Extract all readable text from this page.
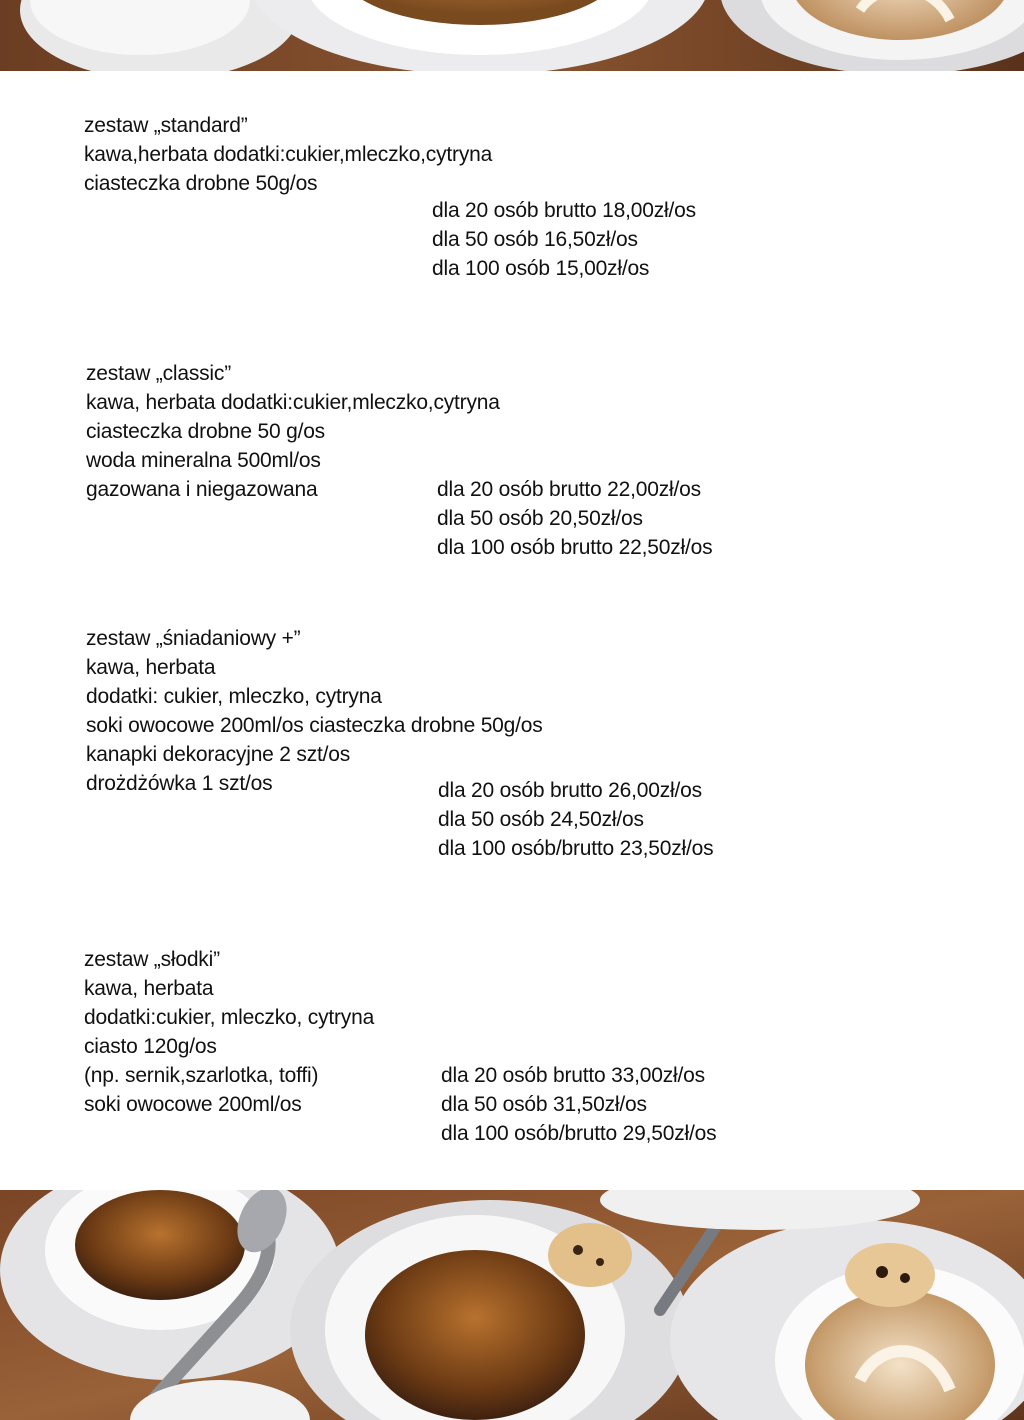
zestaw „standard”
kawa,herbata dodatki:cukier,mleczko,cytryna
ciasteczka drobne 50g/os
dla 20 osób brutto 18,00zł/os
dla 50 osób 16,50zł/os
dla 100 osób 15,00zł/os
zestaw „classic”
kawa, herbata dodatki:cukier,mleczko,cytryna
ciasteczka drobne 50 g/os
woda mineralna 500ml/os
gazowana i niegazowana	dla 20 osób brutto 22,00zł/os
dla 50 osób 20,50zł/os
dla 100 osób brutto 22,50zł/os
zestaw „śniadaniowy +”
kawa, herbata
dodatki: cukier, mleczko, cytryna
soki owocowe 200ml/os ciasteczka drobne 50g/os
kanapki dekoracyjne 2 szt/os
drożdżówka 1 szt/os	dla 20 osób brutto 26,00zł/os
dla 50 osób 24,50zł/os
dla 100 osób/brutto 23,50zł/os
zestaw „słodki”
kawa, herbata
dodatki:cukier, mleczko, cytryna
ciasto 120g/os
(np. sernik,szarlotka, toffi)
soki owocowe 200ml/os
dla 20 osób brutto 33,00zł/os
dla 50 osób 31,50zł/os
dla 100 osób/brutto 29,50zł/os
